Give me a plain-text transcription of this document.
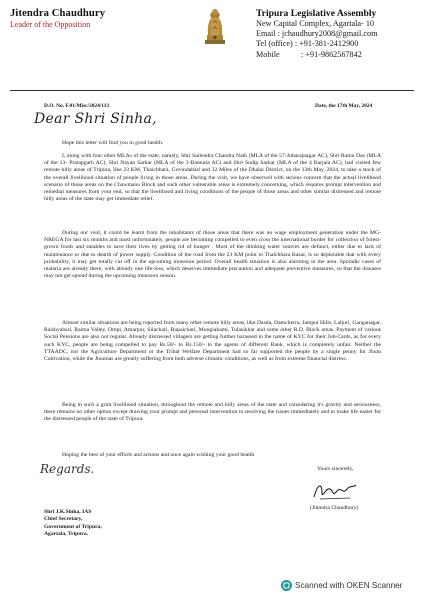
Jitendra Chaudhury
Leader of the Opposition
Tripura Legislative Assembly
New Capital Complex, Agartala- 10
Email : jchaudhury2008@gmail.com
Tel (office) : +91-381-2412900
Mobile	: +91-9862567842
D.O. No. F.01/Misc/2024/113	Date, the 17th May, 2024
Dear Shri Sinha,
Hope this letter will find you in good health.
I, along with four other MLAs of the state, namely, Shri Sailendra Chandra Nath (MLA of the 57-Jubarajnagar AC), Shri Ramu Das (MLA of the 13- Pratapgarh AC), Shri Nayan Sarkar (MLA of the 3-Bamutia AC) and Shri Sudip Sarkar (MLA of the 4 Barjala AC), had visited few remote hilly areas of Tripura, like 23 KM, Thaichhara, Govindabari and 32 Miles of the Dhalai District, on the 13th May, 2024, to take a stock of the overall livelihood situation of people living in those areas. During the visit, we have observed with serious concern that the actual livelihood scenario of those areas on the Chawmanu Block and such other vulnerable areas is extremely concerning, which requires prompt intervention and remedial measures from your end, so that the livelihood and living conditions of the people of those areas and other similar distressed and remote hilly areas of the state may get immediate relief.
During our visit, it could be learnt from the inhabitants of those areas that there was no wage employment generation under the MG-NREGA for last six months and most unfortunately, people are becoming compelled to even cross the international border for collection of forest-grown foods and eatables to save their lives by getting rid of hunger . Most of the drinking water sources are defunct, either due to lack of maintenance or due to dearth of power supply. Condition of the road from the 23 KM point to Thalchhara Bazar, is so deplorable that with every probability, it may get totally cut off in the upcoming monsoon period. Overall health situation is also alarming in the area. Sporadic cases of malaria are already there, with already one life-loss, which deserves immediate precaution and adequate preventive measures, so that the diseases may not get spread during the upcoming monsoon season.
Almost similar situations are being reported from many other remote hilly areas, like Dasda, Damcherra, Jampui Hills, Laljuri, Ganganagar, Raishyabari, Raima Valley, Ompi, Amarpur, Silachari, Rupaichari, Mungiakami, Tulasikhar and some other R.D. Block areas. Payment of various Social Pensions are also not regular. Already distressed villagers are getting further harassed in the name of KYC for their Job-Cards, as for every such KYC, people are being compelled to pay Rs.50/- to Rs.150/- to the agents of different Bank, which is completely unfair. Neither the TTAADC, nor the Agriculture Department or the Tribal Welfare Department had so far supported the people by a single penny for Jhum Cultivation, while the Jhumias are greatly suffering from both adverse climatic conditions, as well as from extreme financial distress.
Being in such a grim livelihood situation, throughout the remote and hilly areas of the state and considering it's gravity and seriousness, there remains no other option except drawing your prompt and personal intervention in resolving the issues immediately and to make life easier for the distressed people of the state of Tripura.
Hoping the best of your efforts and actions and once again wishing your good health
Regards.	Yours sincerely,
(Jitendra Chaudhury)
Shri J.K.Sinha, IAS
Chief Secretary,
Government of Tripura,
Agartala, Tripura.
Scanned with OKEN Scanner
